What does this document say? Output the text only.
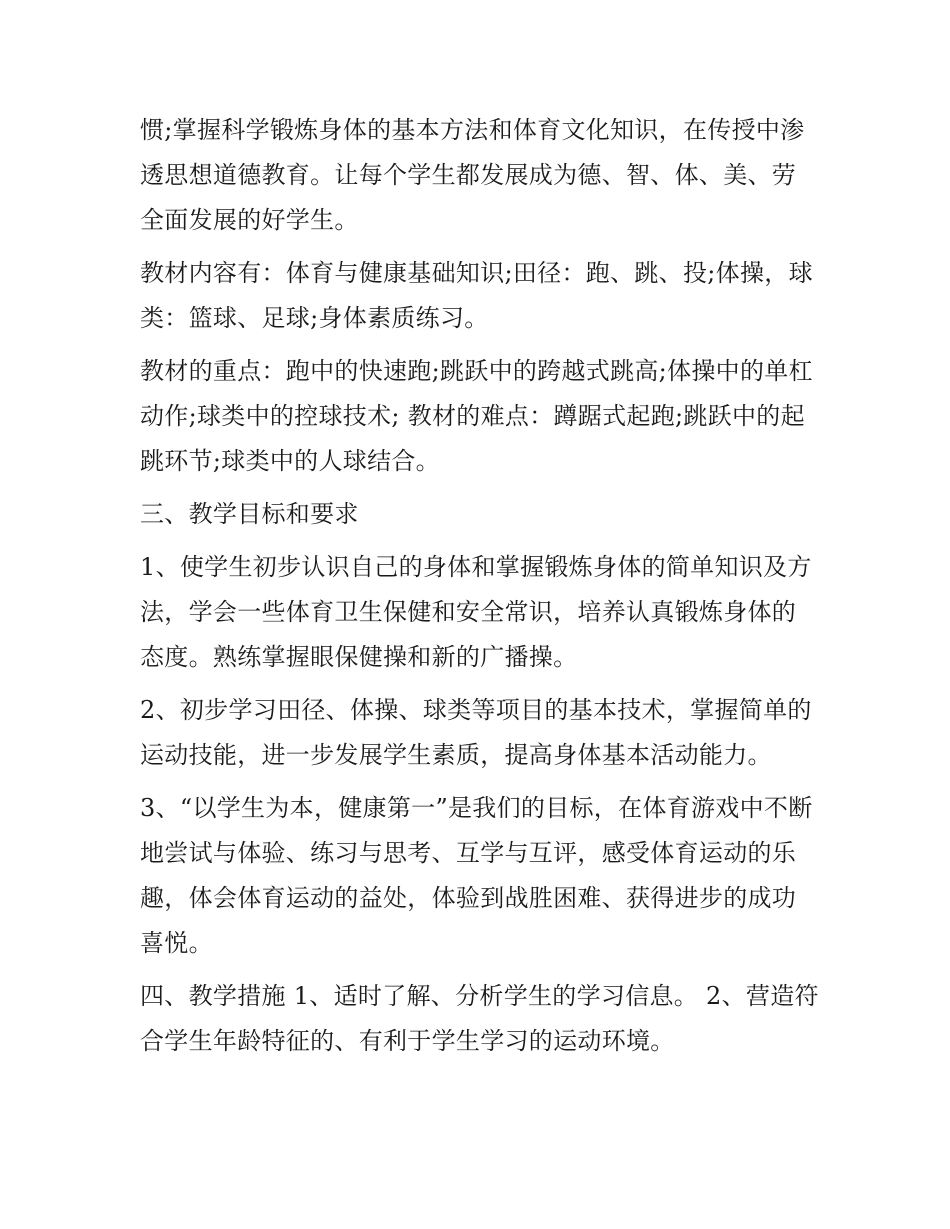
惯;掌握科学锻炼身体的基本方法和体育文化知识，在传授中渗透思想道德教育。让每个学生都发展成为德、智、体、美、劳全面发展的好学生。

教材内容有：体育与健康基础知识;田径：跑、跳、投;体操，球类：篮球、足球;身体素质练习。

教材的重点：跑中的快速跑;跳跃中的跨越式跳高;体操中的单杠动作;球类中的控球技术; 教材的难点：蹲踞式起跑;跳跃中的起跳环节;球类中的人球结合。

三、教学目标和要求

1、使学生初步认识自己的身体和掌握锻炼身体的简单知识及方法，学会一些体育卫生保健和安全常识，培养认真锻炼身体的态度。熟练掌握眼保健操和新的广播操。

2、初步学习田径、体操、球类等项目的基本技术，掌握简单的运动技能，进一步发展学生素质，提高身体基本活动能力。

3、“以学生为本，健康第一”是我们的目标，在体育游戏中不断地尝试与体验、练习与思考、互学与互评，感受体育运动的乐趣，体会体育运动的益处，体验到战胜困难、获得进步的成功喜悦。

四、教学措施 1、适时了解、分析学生的学习信息。 2、营造符合学生年龄特征的、有利于学生学习的运动环境。
